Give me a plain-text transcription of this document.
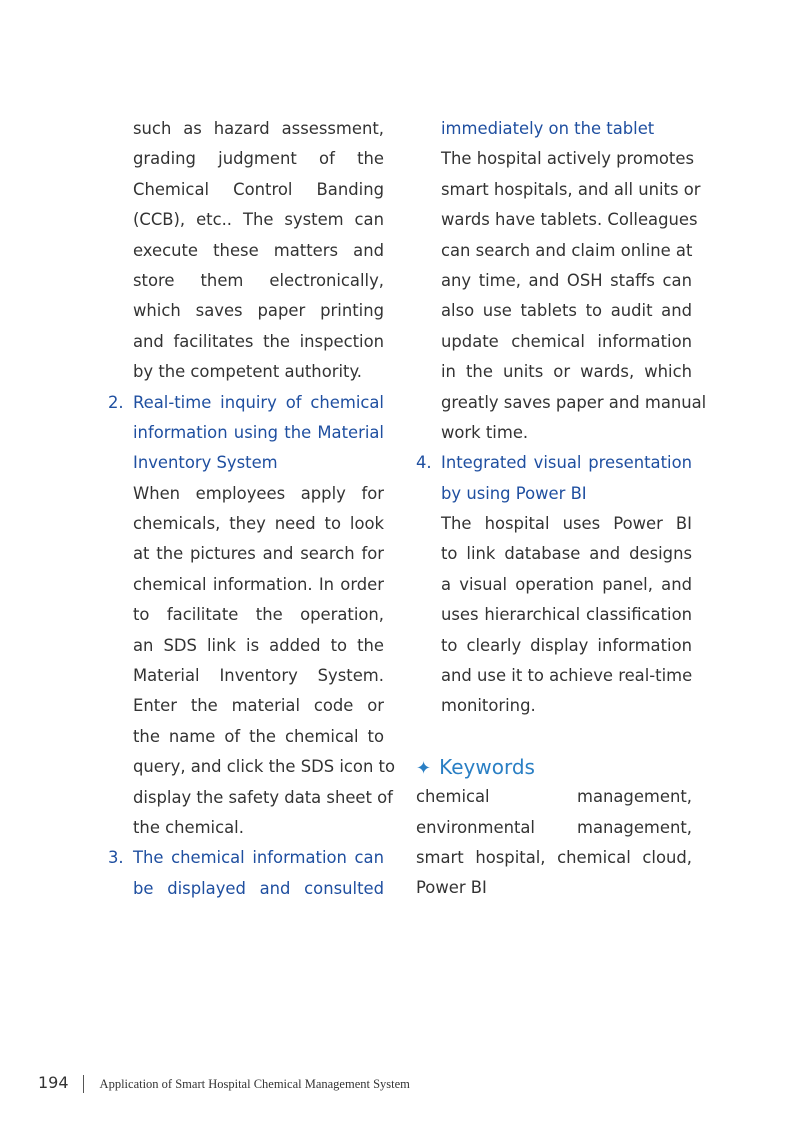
such as hazard assessment,
grading judgment of the
Chemical Control Banding
(CCB), etc.. The system can
execute these matters and
store them electronically,
which saves paper printing
and facilitates the inspection
by the competent authority.
2. Real-time inquiry of chemical
information using the Material
Inventory System
When employees apply for
chemicals, they need to look
at the pictures and search for
chemical information. In order
to facilitate the operation,
an SDS link is added to the
Material Inventory System.
Enter the material code or
the name of the chemical to
query, and click the SDS icon to
display the safety data sheet of
the chemical.
3. The chemical information can
be displayed and consulted
immediately on the tablet
The hospital actively promotes
smart hospitals, and all units or
wards have tablets. Colleagues
can search and claim online at
any time, and OSH staffs can
also use tablets to audit and
update chemical information
in the units or wards, which
greatly saves paper and manual
work time.
4. Integrated visual presentation
by using Power BI
The hospital uses Power BI
to link database and designs
a visual operation panel, and
uses hierarchical classification
to clearly display information
and use it to achieve real-time
monitoring.
✦ Keywords
chemical management,
environmental management,
smart hospital, chemical cloud,
Power BI
194 Application of Smart Hospital Chemical Management System
